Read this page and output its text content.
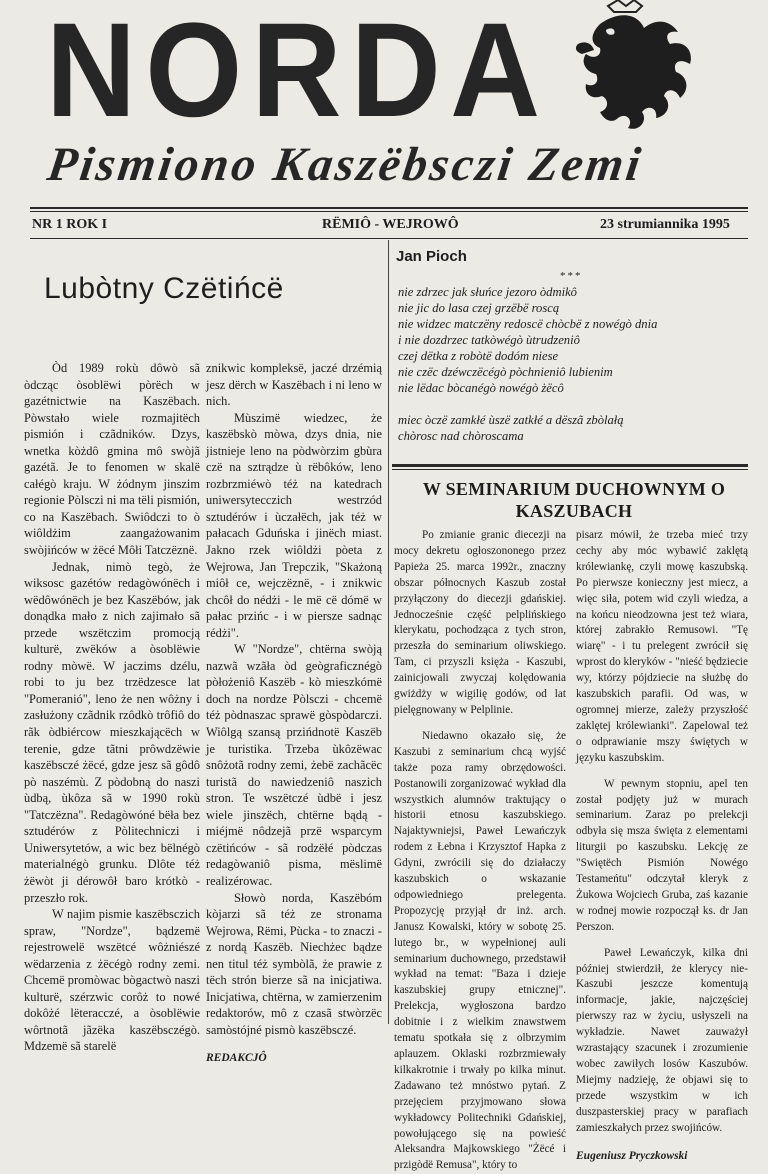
NORDA
Pismiono Kaszëbsczi Zemi
NR 1 ROK I	RËMIÔ - WEJROWÔ	23 strumiannika 1995
Lubòtny Czëtińcë

Òd 1989 rokù dôwò sã òdcząc òsoblëwi pòrëch w gazétnictwie na Kaszëbach. Pòwstało wiele rozmajitëch pismión i czãdników. Dzys, wnetka kòżdô gmina mô swòjã gazétã. Je to fenomen w skalë całégò kraju. W żódnym jinszim regionie Pòlsczi ni ma tëli pismión, co na Kaszëbach. Swiôdczi to ò wiôldżim zaangażowanim swòjińców w żëcé Môłi Tatczëznë.

Jednak, nimò tegò, że wiksosc gazétów redagòwónëch i wëdôwónëch je bez Kaszëbów, jak donądka mało z nich zajimało sã przede wszëtczim promocją kulturë, zwëków a òsoblëwie rodny mòwë. W jaczims dzélu, robi to ju bez trzëdzesce lat "Pomeranió", leno że nen wôżny i zasłużony czãdnik rzôdkò trôfiô do rãk òdbiércow mieszkającëch w terenie, gdze tãtni prôwdzëwie kaszëbsczé żëcé, gdze jesz sã gôdô pò naszémù. Z pòdobną do naszi ùdbą, ùkôza sã w 1990 rokù "Tatczëzna". Redagòwóné bëła bez sztudérów z Pòlitechniczi i Uniwersytetów, a wic bez bëlnégò materialnégò grunku. Dlôte téż żëwòt ji dérowôł baro krótkò - przeszło rok.

W najim pismie kaszëbsczich spraw, "Nordze", bądzemë rejestrowelë wszëtcé wôżniészé wëdarzenia z żëcégò rodny zemi. Chcemë promòwac bògactwò naszi kulturë, szérzwic corôż to nowé dokôżé lëteracczé, a òsoblëwie wôrtnotã jãzëka kaszëbsczégò. Mdzemë sã starelë

znikwic kompleksë, jaczé drzémią jesz dërch w Kaszëbach i ni leno w nich.

Mùszimë wiedzec, że kaszëbskò mòwa, dzys dnia, nie jistnieje leno na pòdwòrzim gbùra czë na sztrądze ù rëbôków, leno rozbrzmiéwò téż na katedrach uniwersytecczich westrzód sztudérów i ùczałëch, jak téż w pałacach Gduńska i jinëch miast. Jakno rzek wiôldżi pòeta z Wejrowa, Jan Trepczik, "Skażoną miôł ce, wejczëznë, - i znikwic chcôł do nédżi - le më cë dómë w pałac przińc - i w piersze sadnąc rédżi".

W "Nordze", chtërna swòją nazwã wzãła òd geògraficznégò pòłożeniô Kaszëb - kò mieszkómë doch na nordze Pòlsczi - chcemë téż pòdnaszac sprawë gòspòdarczi. Wiôlgą szansą przińdnotë Kaszëb je turistika. Trzeba ùkôzëwac snôżotã rodny zemi, żebë zachãcëc turistã do nawiedzeniô naszich stron. Te wszëtczé ùdbë i jesz wiele jinszëch, chtërne bądą - miéjmë nôdzejã przë wsparcym czëtińców - sã rodzëłé pòdczas redagòwaniô pisma, mëslimë realizérowac.

Słowò norda, Kaszëbóm kòjarzi sã téż ze stronama Wejrowa, Rëmi, Pùcka - to znaczi - z nordą Kaszëb. Niechżec bądze nen titul téż symbòlã, że prawie z tëch strón bierze sã na inicjatiwa. Inicjatiwa, chtërna, w zamierzenim redaktorów, mô z czasã stwòrzëc samòstójné pismò kaszëbsczé.

REDAKCJÔ

Jan Pioch
***
nie zdrzec jak słuńce jezoro òdmikô
nie jic do lasa czej grzëbë roscą
nie widzec matczëny redoscë chòcbë z nowégò dnia
i nie dozdrzec tatkòwégò ùtrudzeniô
czej dëtka z robòtë dodóm niese
nie czëc dzéwczëcégò pòchnieniô lubienim
nie lëdac bòcanégò nowégò żëcô
miec òczë zamkłé ùszë zatkłé a dëszã zbòlałą
chòrosc nad chòroscama
W SEMINARIUM DUCHOWNYM O KASZUBACH

Po zmianie granic diecezji na mocy dekretu ogłoszononego przez Papieża 25. marca 1992r., znaczny obszar północnych Kaszub został przyłączony do diecezji gdańskiej. Jednocześnie część pelplińskiego klerykatu, pochodząca z tych stron, przeszła do seminarium oliwskiego. Tam, ci przyszli księża - Kaszubi, zainicjowali zwyczaj kolędowania gwiżdży w wigilię godów, od lat pielęgnowany w Pelplinie.

Niedawno okazało się, że Kaszubi z seminarium chcą wyjść także poza ramy obrzędowości. Postanowili zorganizować wykład dla wszystkich alumnów traktujący o historii etnosu kaszubskiego. Najaktywniejsi, Paweł Lewańczyk rodem z Łebna i Krzysztof Hapka z Gdyni, zwrócili się do działaczy kaszubskich o wskazanie odpowiedniego prelegenta. Propozycję przyjął dr inż. arch. Janusz Kowalski, który w sobotę 25. lutego br., w wypełnionej auli seminarium duchownego, przedstawił wykład na temat: "Baza i dzieje kaszubskiej grupy etnicznej". Prelekcja, wygłoszona bardzo dobitnie i z wielkim znawstwem tematu spotkała się z olbrzymim aplauzem. Oklaski rozbrzmiewały kilkakrotnie i trwały po kilka minut. Zadawano też mnóstwo pytań. Z przejęciem przyjmowano słowa wykładowcy Politechniki Gdańskiej, powołującego się na powieść Aleksandra Majkowskiego "Żëcé i przigòdë Remusa", który to

pisarz mówił, że trzeba mieć trzy cechy aby móc wybawić zaklętą królewiankę, czyli mowę kaszubską. Po pierwsze konieczny jest miecz, a więc siła, potem wid czyli wiedza, a na końcu nieodzowna jest też wiara, której zabrakło Remusowi. "Tę wiarę" - i tu prelegent zwrócił się wprost do kleryków - "nieść będziecie wy, którzy pójdziecie na służbę do kaszubskich parafii. Od was, w ogromnej mierze, zależy przyszłość zaklętej królewianki". Zapelowal też o odprawianie mszy świętych w języku kaszubskim.

W pewnym stopniu, apel ten został podjęty już w murach seminarium. Zaraz po prelekcji odbyła się msza święta z elementami liturgii po kaszubsku. Lekcję ze "Swiętëch Pismión Nowégo Testameńtu" odczytał kleryk z Żukowa Wojciech Gruba, zaś kazanie w rodnej mowie rozpoczął ks. dr Jan Perszon.

Paweł Lewańczyk, kilka dni później stwierdził, że klerycy nie-Kaszubi jeszcze komentują informacje, jakie, najczęściej pierwszy raz w życiu, usłyszeli na wykładzie. Nawet zauważył wzrastający szacunek i zrozumienie wobec zawiłych losów Kaszubów. Miejmy nadzieję, że objawi się to przede wszystkim w ich duszpasterskiej pracy w parafiach zamieszkałych przez swojińców.

Eugeniusz Pryczkowski
